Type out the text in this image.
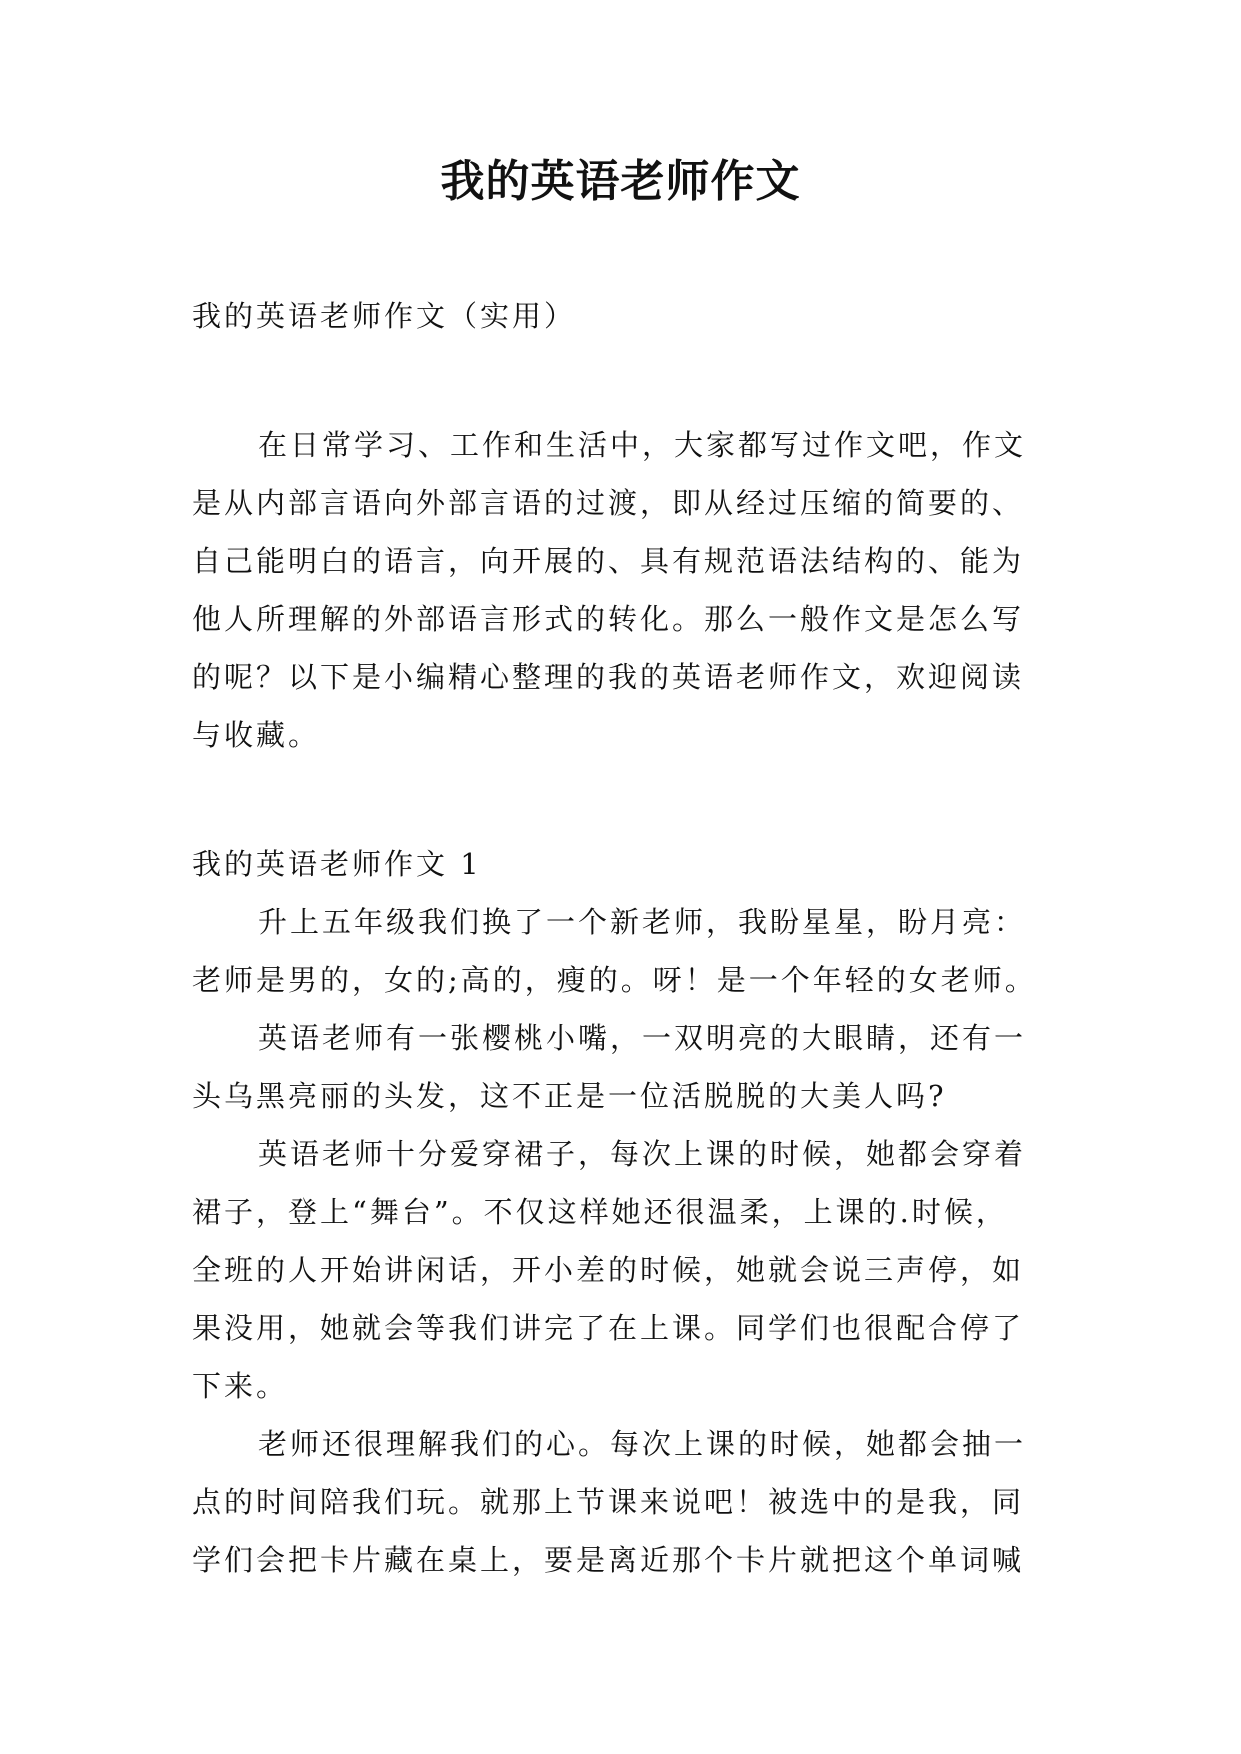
我的英语老师作文

我的英语老师作文（实用）

在日常学习、工作和生活中，大家都写过作文吧，作文

是从内部言语向外部言语的过渡，即从经过压缩的简要的、

自己能明白的语言，向开展的、具有规范语法结构的、能为

他人所理解的外部语言形式的转化。那么一般作文是怎么写

的呢？以下是小编精心整理的我的英语老师作文，欢迎阅读

与收藏。

我的英语老师作文 1

升上五年级我们换了一个新老师，我盼星星，盼月亮：

老师是男的，女的;高的，瘦的。呀！是一个年轻的女老师。

英语老师有一张樱桃小嘴，一双明亮的大眼睛，还有一

头乌黑亮丽的头发，这不正是一位活脱脱的大美人吗?

英语老师十分爱穿裙子，每次上课的时候，她都会穿着

裙子，登上“舞台”。不仅这样她还很温柔，上课的.时候，

全班的人开始讲闲话，开小差的时候，她就会说三声停，如

果没用，她就会等我们讲完了在上课。同学们也很配合停了

下来。

老师还很理解我们的心。每次上课的时候，她都会抽一

点的时间陪我们玩。就那上节课来说吧！被选中的是我，同

学们会把卡片藏在桌上，要是离近那个卡片就把这个单词喊
